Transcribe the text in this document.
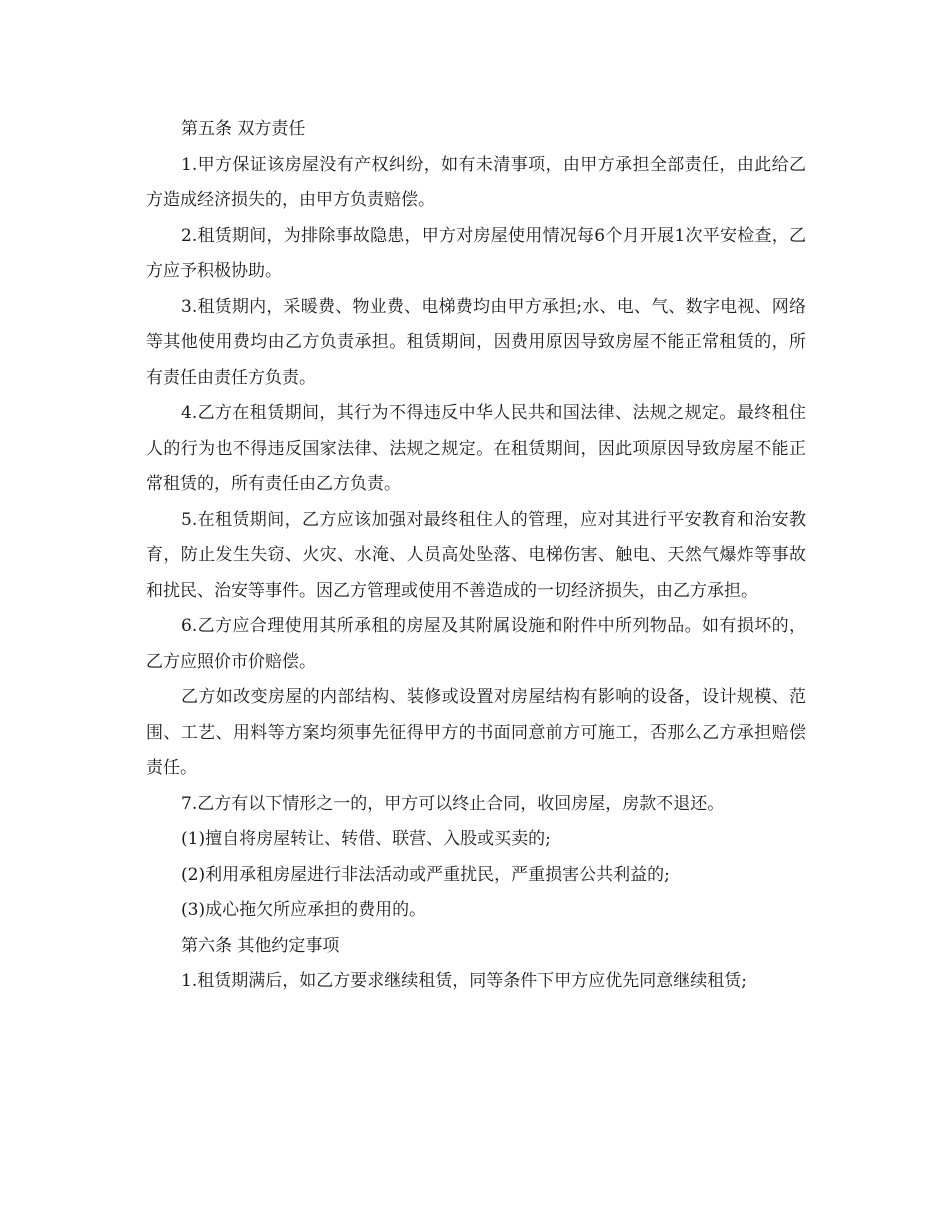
第五条 双方责任

1.甲方保证该房屋没有产权纠纷，如有未清事项，由甲方承担全部责任，由此给乙方造成经济损失的，由甲方负责赔偿。

2.租赁期间，为排除事故隐患，甲方对房屋使用情况每6个月开展1次平安检查，乙方应予积极协助。

3.租赁期内，采暖费、物业费、电梯费均由甲方承担;水、电、气、数字电视、网络等其他使用费均由乙方负责承担。租赁期间，因费用原因导致房屋不能正常租赁的，所有责任由责任方负责。

4.乙方在租赁期间，其行为不得违反中华人民共和国法律、法规之规定。最终租住人的行为也不得违反国家法律、法规之规定。在租赁期间，因此项原因导致房屋不能正常租赁的，所有责任由乙方负责。

5.在租赁期间，乙方应该加强对最终租住人的管理，应对其进行平安教育和治安教育，防止发生失窃、火灾、水淹、人员高处坠落、电梯伤害、触电、天然气爆炸等事故和扰民、治安等事件。因乙方管理或使用不善造成的一切经济损失，由乙方承担。

6.乙方应合理使用其所承租的房屋及其附属设施和附件中所列物品。如有损坏的，乙方应照价市价赔偿。

乙方如改变房屋的内部结构、装修或设置对房屋结构有影响的设备，设计规模、范围、工艺、用料等方案均须事先征得甲方的书面同意前方可施工，否那么乙方承担赔偿责任。

7.乙方有以下情形之一的，甲方可以终止合同，收回房屋，房款不退还。

(1)擅自将房屋转让、转借、联营、入股或买卖的;

(2)利用承租房屋进行非法活动或严重扰民，严重损害公共利益的;

(3)成心拖欠所应承担的费用的。

第六条 其他约定事项

1.租赁期满后，如乙方要求继续租赁，同等条件下甲方应优先同意继续租赁;
